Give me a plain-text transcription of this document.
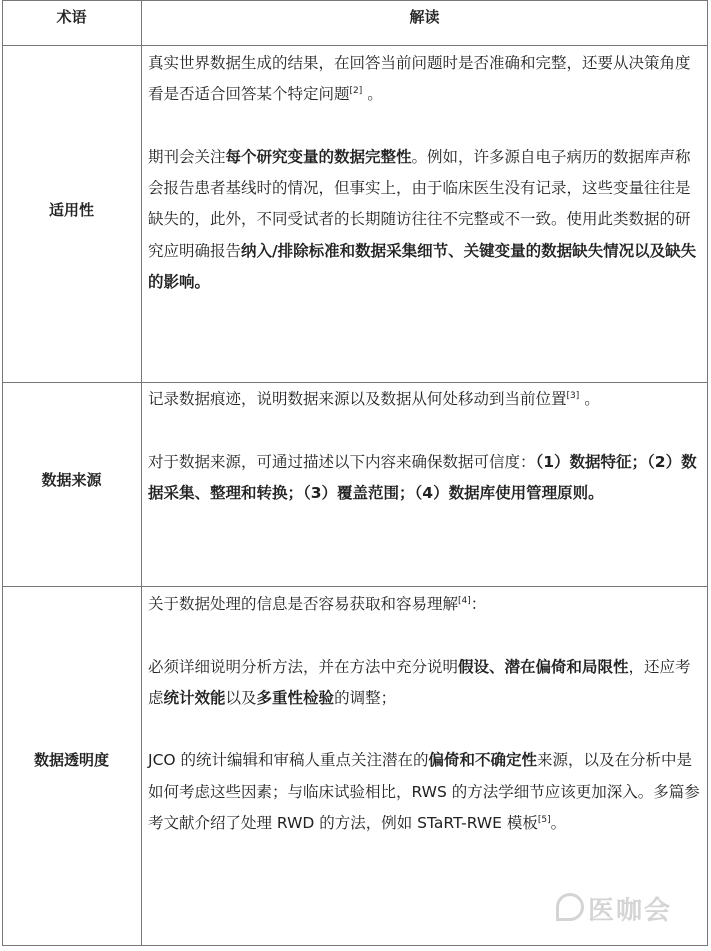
术语	解读
适用性

真实世界数据生成的结果，在回答当前问题时是否准确和完整，还要从决策角度看是否适合回答某个特定问题[2] 。

期刊会关注每个研究变量的数据完整性。例如，许多源自电子病历的数据库声称会报告患者基线时的情况，但事实上，由于临床医生没有记录，这些变量往往是缺失的，此外，不同受试者的长期随访往往不完整或不一致。使用此类数据的研究应明确报告纳入/排除标准和数据采集细节、关键变量的数据缺失情况以及缺失的影响。

数据来源

记录数据痕迹，说明数据来源以及数据从何处移动到当前位置[3] 。

对于数据来源，可通过描述以下内容来确保数据可信度：（1）数据特征；（2）数据采集、整理和转换；（3）覆盖范围；（4）数据库使用管理原则。

数据透明度

关于数据处理的信息是否容易获取和容易理解[4]：

必须详细说明分析方法，并在方法中充分说明假设、潜在偏倚和局限性，还应考虑统计效能以及多重性检验的调整；

JCO 的统计编辑和审稿人重点关注潜在的偏倚和不确定性来源，以及在分析中是如何考虑这些因素；与临床试验相比，RWS 的方法学细节应该更加深入。多篇参考文献介绍了处理 RWD 的方法，例如 STaRT-RWE 模板[5]。

医咖会
